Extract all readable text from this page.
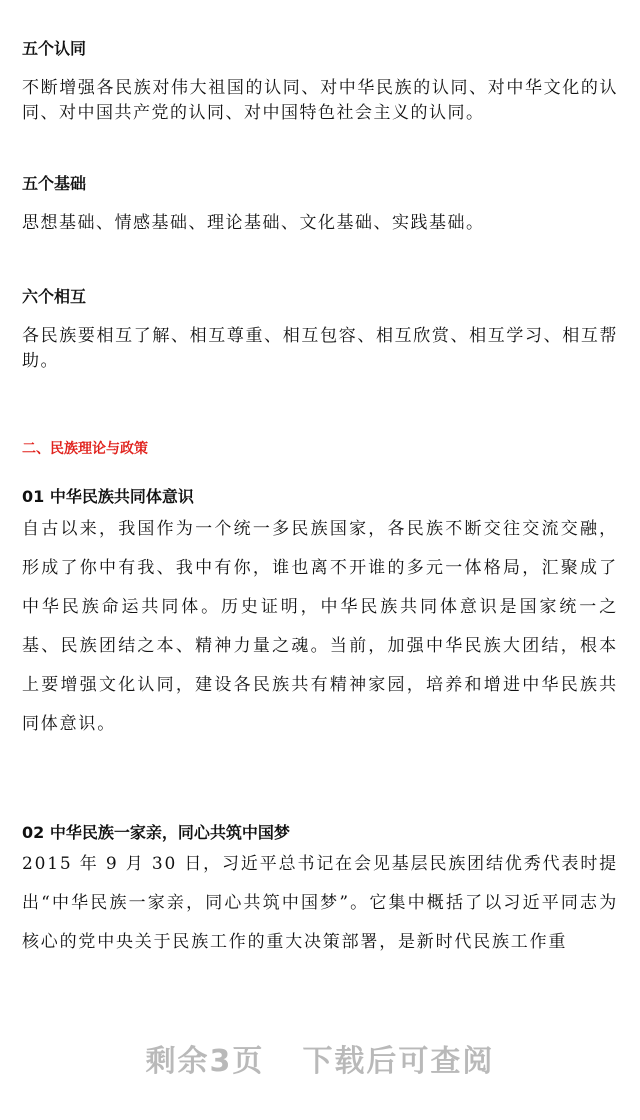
五个认同
不断增强各民族对伟大祖国的认同、对中华民族的认同、对中华文化的认同、对中国共产党的认同、对中国特色社会主义的认同。
五个基础
思想基础、情感基础、理论基础、文化基础、实践基础。
六个相互
各民族要相互了解、相互尊重、相互包容、相互欣赏、相互学习、相互帮助。
二、民族理论与政策
01 中华民族共同体意识
自古以来，我国作为一个统一多民族国家，各民族不断交往交流交融，形成了你中有我、我中有你，谁也离不开谁的多元一体格局，汇聚成了中华民族命运共同体。历史证明，中华民族共同体意识是国家统一之基、民族团结之本、精神力量之魂。当前，加强中华民族大团结，根本上要增强文化认同，建设各民族共有精神家园，培养和增进中华民族共同体意识。
02 中华民族一家亲，同心共筑中国梦
2015 年 9 月 30 日，习近平总书记在会见基层民族团结优秀代表时提出“中华民族一家亲，同心共筑中国梦”。它集中概括了以习近平同志为核心的党中央关于民族工作的重大决策部署，是新时代民族工作重
剩余3页 下载后可查阅
